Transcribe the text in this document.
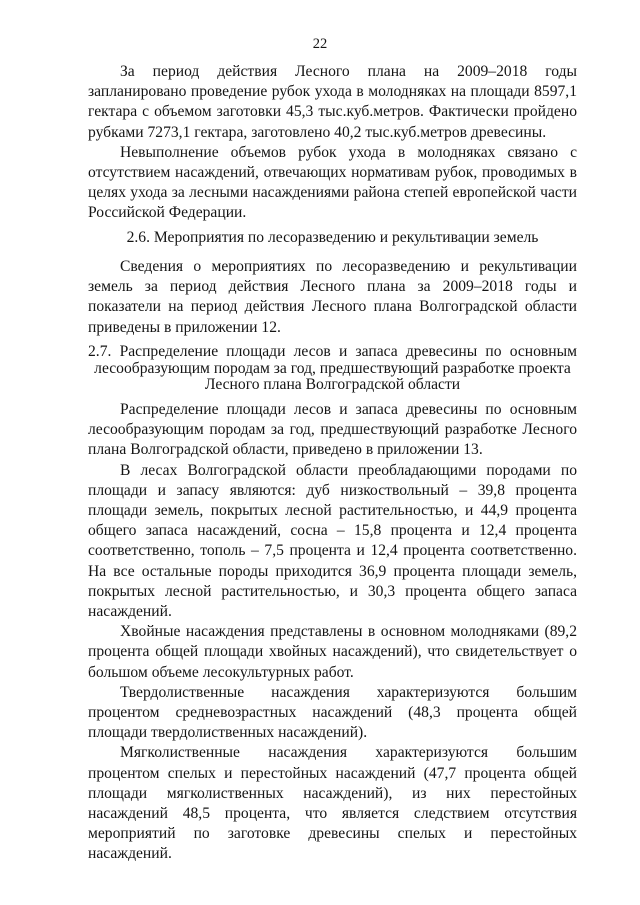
22

За период действия Лесного плана на 2009–2018 годы запланировано проведение рубок ухода в молодняках на площади 8597,1 гектара с объемом заготовки 45,3 тыс.куб.метров. Фактически пройдено рубками 7273,1 гектара, заготовлено 40,2 тыс.куб.метров древесины.

Невыполнение объемов рубок ухода в молодняках связано с отсутствием насаждений, отвечающих нормативам рубок, проводимых в целях ухода за лесными насаждениями района степей европейской части Российской Федерации.

2.6. Мероприятия по лесоразведению и рекультивации земель

Сведения о мероприятиях по лесоразведению и рекультивации земель за период действия Лесного плана за 2009–2018 годы и показатели на период действия Лесного плана Волгоградской области приведены в приложении 12.

2.7. Распределение площади лесов и запаса древесины по основным
лесообразующим породам за год, предшествующий разработке проекта
Лесного плана Волгоградской области

Распределение площади лесов и запаса древесины по основным лесообразующим породам за год, предшествующий разработке Лесного плана Волгоградской области, приведено в приложении 13.

В лесах Волгоградской области преобладающими породами по площади и запасу являются: дуб низкоствольный – 39,8 процента площади земель, покрытых лесной растительностью, и 44,9 процента общего запаса насаждений, сосна – 15,8 процента и 12,4 процента соответственно, тополь – 7,5 процента и 12,4 процента соответственно. На все остальные породы приходится 36,9 процента площади земель, покрытых лесной растительностью, и 30,3 процента общего запаса насаждений.

Хвойные насаждения представлены в основном молодняками (89,2 процента общей площади хвойных насаждений), что свидетельствует о большом объеме лесокультурных работ.

Твердолиственные насаждения характеризуются большим процентом средневозрастных насаждений (48,3 процента общей площади твердолиственных насаждений).

Мягколиственные насаждения характеризуются большим процентом спелых и перестойных насаждений (47,7 процента общей площади мягколиственных насаждений), из них перестойных насаждений 48,5 процента, что является следствием отсутствия мероприятий по заготовке древесины спелых и перестойных насаждений.
